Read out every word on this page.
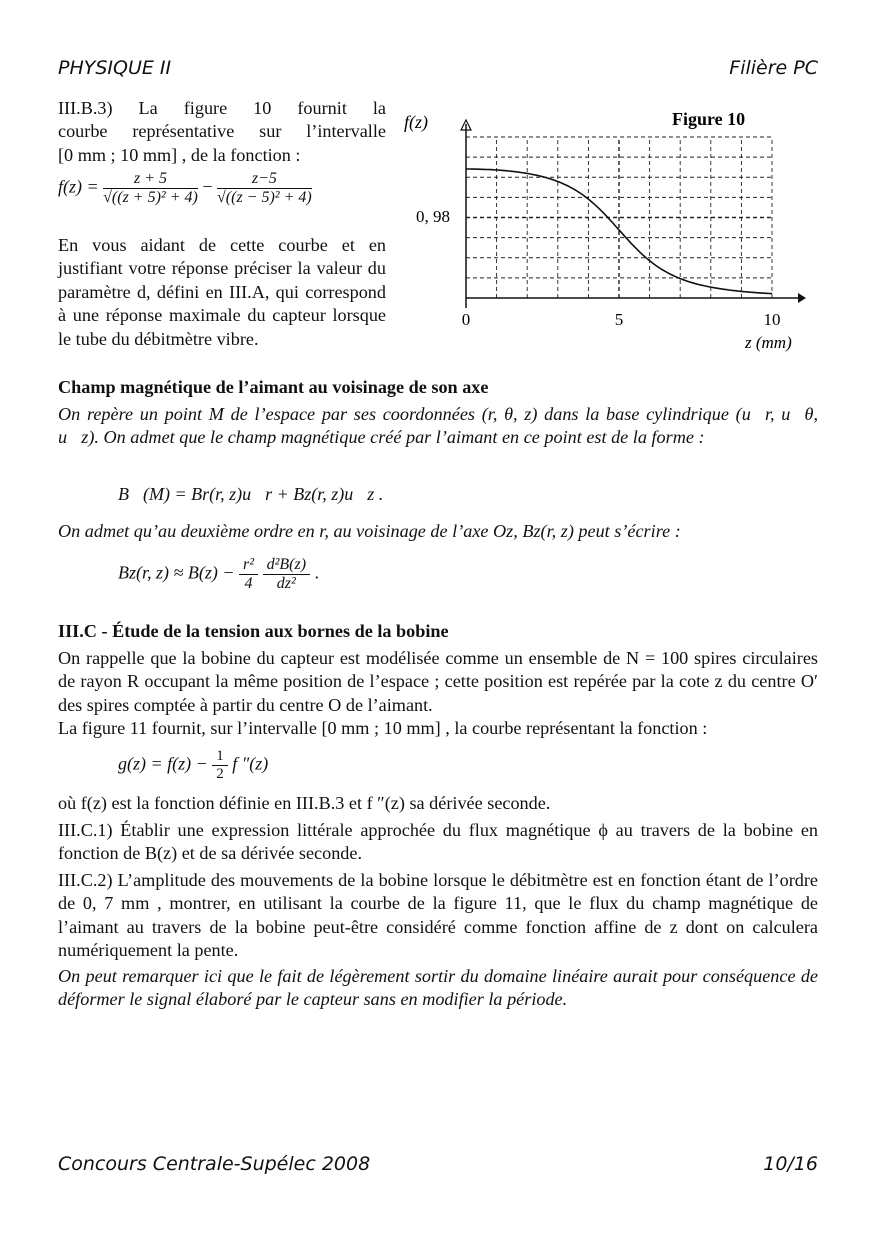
PHYSIQUE II	Filière PC
III.B.3) La figure 10 fournit la
courbe représentative sur l’intervalle
[0 mm ; 10 mm] , de la fonction :
$f(z) = \frac{z + 5}{\text{√((z + 5)² + 4)}} - \frac{z-5}{\text{√((z − 5)² + 4)}}$
En vous aidant de cette courbe et en justifiant votre réponse préciser la valeur du paramètre d, défini en III.A, qui correspond à une réponse maximale du capteur lorsque le tube du débitmètre vibre.
f(z)	Figure 10
0, 98
0	5	10
z (mm)
Champ magnétique de l’aimant au voisinage de son axe
On repère un point M de l’espace par ses coordonnées (r, θ, z) dans la base cylindrique (u⃗r, u⃗θ, u⃗z). On admet que le champ magnétique créé par l’aimant en ce point est de la forme :
B⃗(M) = Br(r, z)u⃗r + Bz(r, z)u⃗z .
On admet qu’au deuxième ordre en r, au voisinage de l’axe Oz, Bz(r, z) peut s’écrire :
Bz(r, $z) \approx B(z) - \frac{\text{r²}}{4}$
$\frac{\text{d²B(z)}}{\text{dz²}}$ .
III.C - Étude de la tension aux bornes de la bobine
On rappelle que la bobine du capteur est modélisée comme un ensemble de N = 100 spires circulaires de rayon R occupant la même position de l’espace ; cette position est repérée par la cote z du centre O′ des spires comptée à partir du centre O de l’aimant.
La figure 11 fournit, sur l’intervalle [0 mm ; 10 mm] , la courbe représentant la fonction :
$g(z) = f(z) - \frac{1}{2}$ f ″(z)
où f(z) est la fonction définie en III.B.3 et f ″(z) sa dérivée seconde.
III.C.1) Établir une expression littérale approchée du flux magnétique ϕ au travers de la bobine en fonction de B(z) et de sa dérivée seconde.
III.C.2) L’amplitude des mouvements de la bobine lorsque le débitmètre est en fonction étant de l’ordre de 0, 7 mm , montrer, en utilisant la courbe de la figure 11, que le flux du champ magnétique de l’aimant au travers de la bobine peut-être considéré comme fonction affine de z dont on calculera numériquement la pente.
On peut remarquer ici que le fait de légèrement sortir du domaine linéaire aurait pour conséquence de déformer le signal élaboré par le capteur sans en modifier la période.
Concours Centrale-Supélec 2008	10/16
